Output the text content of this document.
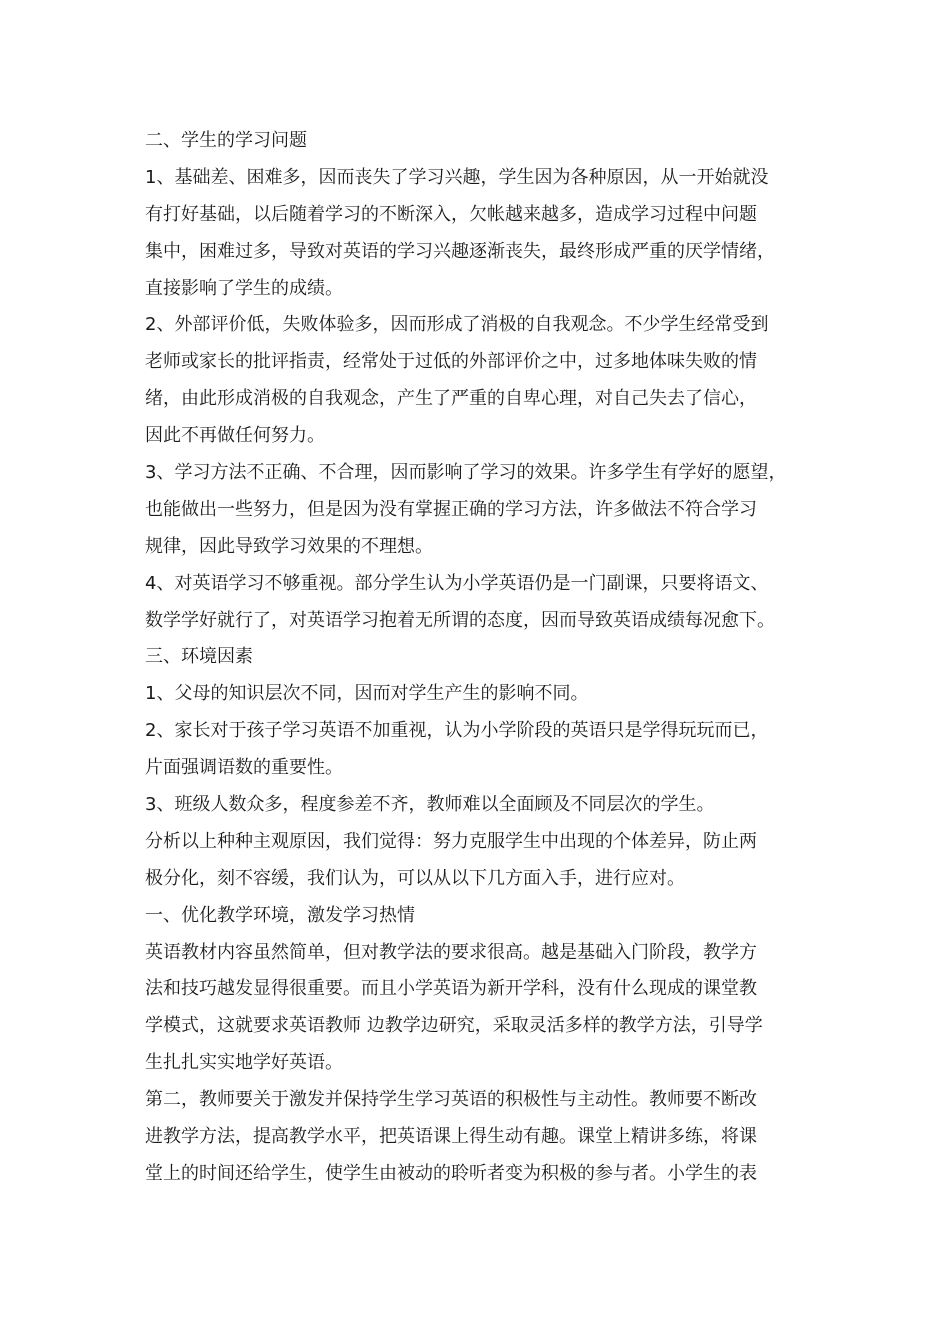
二、学生的学习问题
1、基础差、困难多，因而丧失了学习兴趣，学生因为各种原因，从一开始就没
有打好基础，以后随着学习的不断深入，欠帐越来越多，造成学习过程中问题
集中，困难过多，导致对英语的学习兴趣逐渐丧失，最终形成严重的厌学情绪，
直接影响了学生的成绩。
2、外部评价低，失败体验多，因而形成了消极的自我观念。不少学生经常受到
老师或家长的批评指责，经常处于过低的外部评价之中，过多地体味失败的情
绪，由此形成消极的自我观念，产生了严重的自卑心理，对自己失去了信心，
因此不再做任何努力。
3、学习方法不正确、不合理，因而影响了学习的效果。许多学生有学好的愿望，
也能做出一些努力，但是因为没有掌握正确的学习方法，许多做法不符合学习
规律，因此导致学习效果的不理想。
4、对英语学习不够重视。部分学生认为小学英语仍是一门副课，只要将语文、
数学学好就行了，对英语学习抱着无所谓的态度，因而导致英语成绩每况愈下。
三、环境因素
1、父母的知识层次不同，因而对学生产生的影响不同。
2、家长对于孩子学习英语不加重视，认为小学阶段的英语只是学得玩玩而已，
片面强调语数的重要性。
3、班级人数众多，程度参差不齐，教师难以全面顾及不同层次的学生。
分析以上种种主观原因，我们觉得：努力克服学生中出现的个体差异，防止两
极分化，刻不容缓，我们认为，可以从以下几方面入手，进行应对。
一、优化教学环境，激发学习热情
英语教材内容虽然简单，但对教学法的要求很高。越是基础入门阶段，教学方
法和技巧越发显得很重要。而且小学英语为新开学科，没有什么现成的课堂教
学模式，这就要求英语教师 边教学边研究，采取灵活多样的教学方法，引导学
生扎扎实实地学好英语。
第二，教师要关于激发并保持学生学习英语的积极性与主动性。教师要不断改
进教学方法，提高教学水平，把英语课上得生动有趣。课堂上精讲多练，将课
堂上的时间还给学生，使学生由被动的聆听者变为积极的参与者。小学生的表
